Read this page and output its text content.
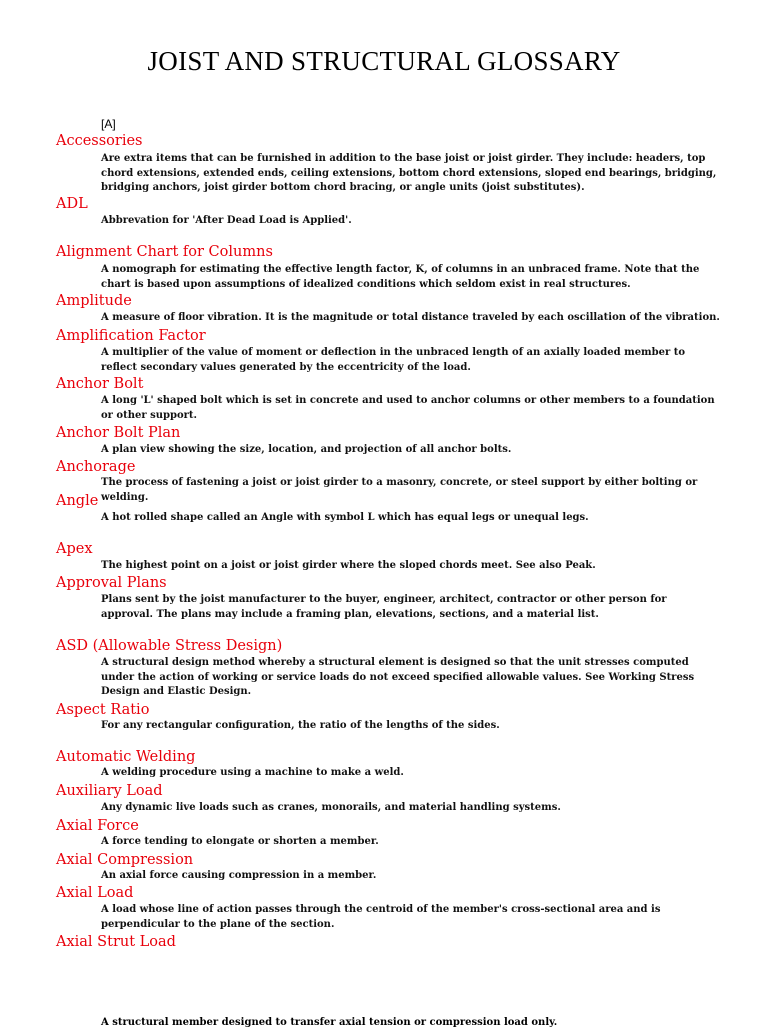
JOIST AND STRUCTURAL GLOSSARY
[A]
Accessories
Are extra items that can be furnished in addition to the base joist or joist girder. They include: headers, top chord extensions, extended ends, ceiling extensions, bottom chord extensions, sloped end bearings, bridging, bridging anchors, joist girder bottom chord bracing, or angle units (joist substitutes).
ADL
Abbrevation for 'After Dead Load is Applied'.
Alignment Chart for Columns
A nomograph for estimating the effective length factor, K, of columns in an unbraced frame. Note that the chart is based upon assumptions of idealized conditions which seldom exist in real structures.
Amplitude
A measure of floor vibration. It is the magnitude or total distance traveled by each oscillation of the vibration.
Amplification Factor
A multiplier of the value of moment or deflection in the unbraced length of an axially loaded member to reflect secondary values generated by the eccentricity of the load.
Anchor Bolt
A long 'L' shaped bolt which is set in concrete and used to anchor columns or other members to a foundation or other support.
Anchor Bolt Plan
A plan view showing the size, location, and projection of all anchor bolts.
Anchorage
The process of fastening a joist or joist girder to a masonry, concrete, or steel support by either bolting or welding.
Angle
A hot rolled shape called an Angle with symbol L which has equal legs or unequal legs.
Apex
The highest point on a joist or joist girder where the sloped chords meet. See also Peak.
Approval Plans
Plans sent by the joist manufacturer to the buyer, engineer, architect, contractor or other person for approval. The plans may include a framing plan, elevations, sections, and a material list.
ASD (Allowable Stress Design)
A structural design method whereby a structural element is designed so that the unit stresses computed under the action of working or service loads do not exceed specified allowable values. See Working Stress Design and Elastic Design.
Aspect Ratio
For any rectangular configuration, the ratio of the lengths of the sides.
Automatic Welding
A welding procedure using a machine to make a weld.
Auxiliary Load
Any dynamic live loads such as cranes, monorails, and material handling systems.
Axial Force
A force tending to elongate or shorten a member.
Axial Compression
An axial force causing compression in a member.
Axial Load
A load whose line of action passes through the centroid of the member's cross-sectional area and is perpendicular to the plane of the section.
Axial Strut Load
A structural member designed to transfer axial tension or compression load only.
